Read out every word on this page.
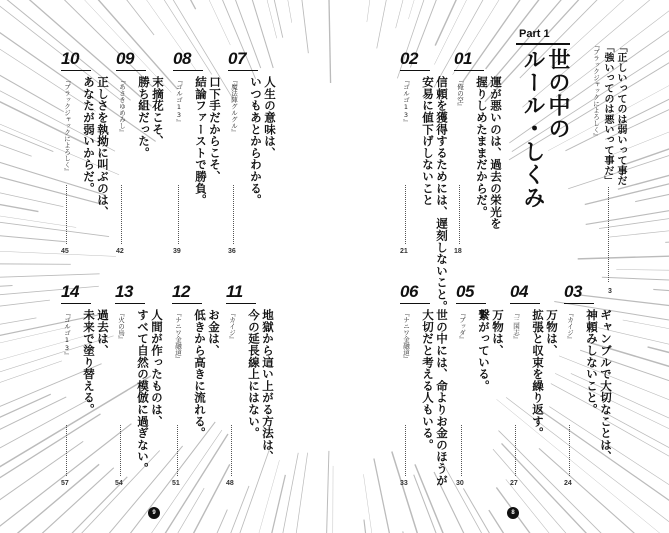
Part 1
ルール・しくみ 世の中の	「正しいってのは弱いって事だ
「強いってのは悪いって事だ」
『ブラックジャックによろしく』
3
01
運が悪いのは、過去の栄光を
握りしめたままだからだ。
『俺の空』
18
02
信頼を獲得するためには、遅刻しないこと。
安易に値下げしないこと
『ゴルゴ13』
21
03
ギャンブルで大切なことは、
神頼みしないこと。
『カイジ』
24
04
万物は、
拡張と収束を繰り返す。
『三国志』
27
05
万物は、
繋がっている。
『ブッダ』
30
06
世の中には、命よりお金のほうが
大切だと考える人もいる。
『ナニワ金融道』
33
07
人生の意味は、
いつもあとからわかる。
『魔法陣グルグル』
36
08
口下手だからこそ、
結論ファーストで勝負。
『ゴルゴ13』
39
09
末摘花こそ、
勝ち組だった。
『あさきゆめみし』
42
10
正しさを執拗に叫ぶのは、
あなたが弱いからだ。
『ブラックジャックによろしく』
45
11
地獄から這い上がる方法は、
今の延長線上にはない。
『カイジ』
48
12
お金は、
低きから高きに流れる。
『ナニワ金融道』
51
13
人間が作ったものは、
すべて自然の模倣に過ぎない。
『火の鳥』
54
14
過去は、
未来で塗り替える。
『ゴルゴ13』
57
9	8
